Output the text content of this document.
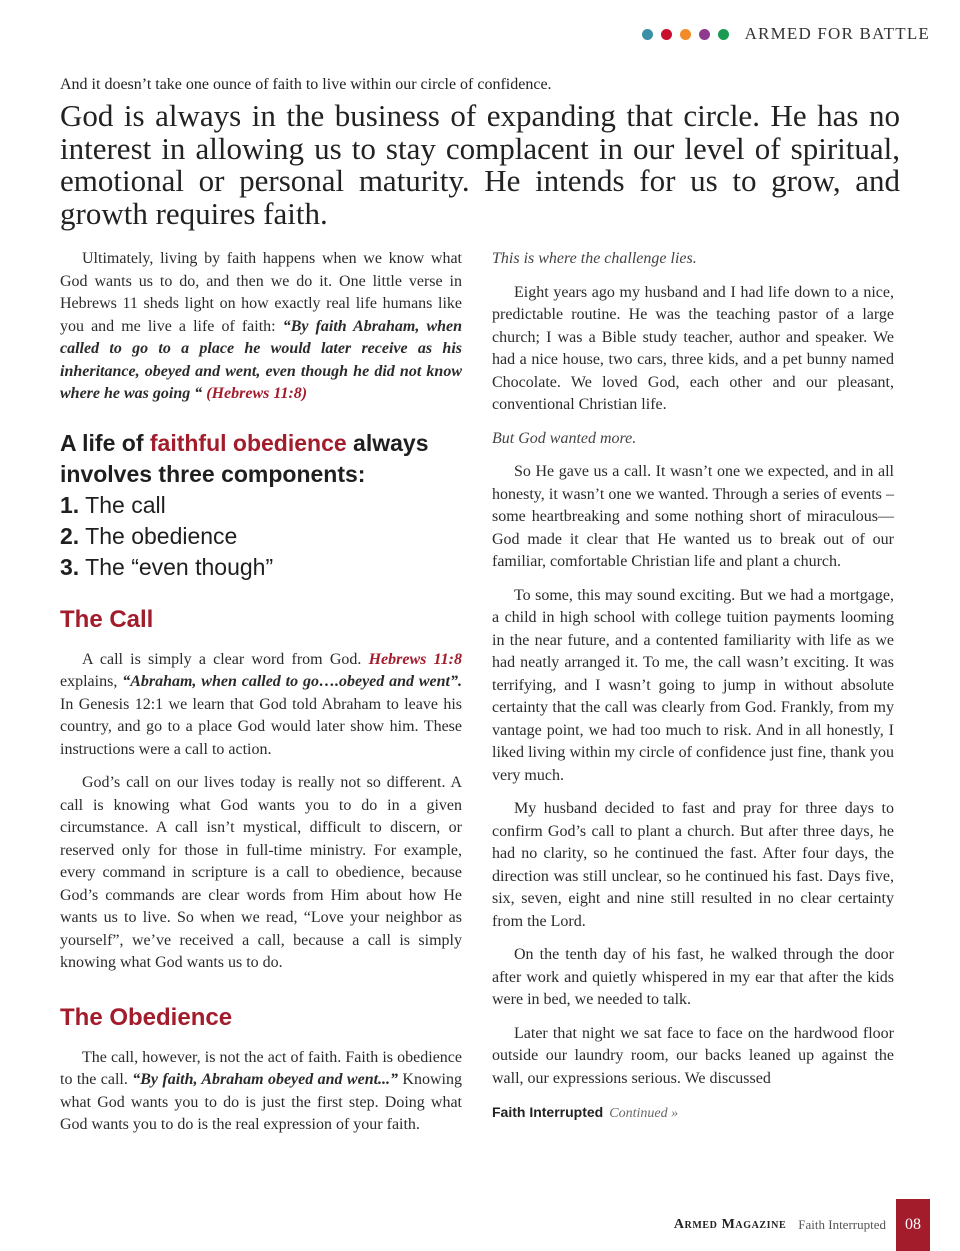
ARMED FOR BATTLE
And it doesn’t take one ounce of faith to live within our circle of confidence.
God is always in the business of expanding that circle. He has no interest in allowing us to stay complacent in our level of spiritual, emotional or personal maturity. He intends for us to grow, and growth requires faith.

Ultimately, living by faith happens when we know what God wants us to do, and then we do it. One little verse in Hebrews 11 sheds light on how exactly real life humans like you and me live a life of faith: “By faith Abraham, when called to go to a place he would later receive as his inheritance, obeyed and went, even though he did not know where he was going “ (Hebrews 11:8)

A life of faithful obedience always involves three components:
1. The call
2. The obedience
3. The “even though”
The Call

A call is simply a clear word from God. Hebrews 11:8 explains, “Abraham, when called to go….obeyed and went”. In Genesis 12:1 we learn that God told Abraham to leave his country, and go to a place God would later show him. These instructions were a call to action.

God’s call on our lives today is really not so different. A call is knowing what God wants you to do in a given circumstance. A call isn’t mystical, difficult to discern, or reserved only for those in full-time ministry. For example, every command in scripture is a call to obedience, because God’s commands are clear words from Him about how He wants us to live. So when we read, “Love your neighbor as yourself”, we’ve received a call, because a call is simply knowing what God wants us to do.

The Obedience

The call, however, is not the act of faith. Faith is obedience to the call. “By faith, Abraham obeyed and went...” Knowing what God wants you to do is just the first step. Doing what God wants you to do is the real expression of your faith.

This is where the challenge lies.

Eight years ago my husband and I had life down to a nice, predictable routine. He was the teaching pastor of a large church; I was a Bible study teacher, author and speaker. We had a nice house, two cars, three kids, and a pet bunny named Chocolate. We loved God, each other and our pleasant, conventional Christian life.

But God wanted more.

So He gave us a call. It wasn’t one we expected, and in all honesty, it wasn’t one we wanted. Through a series of events – some heartbreaking and some nothing short of miraculous—God made it clear that He wanted us to break out of our familiar, comfortable Christian life and plant a church.

To some, this may sound exciting. But we had a mortgage, a child in high school with college tuition payments looming in the near future, and a contented familiarity with life as we had neatly arranged it. To me, the call wasn’t exciting. It was terrifying, and I wasn’t going to jump in without absolute certainty that the call was clearly from God. Frankly, from my vantage point, we had too much to risk. And in all honestly, I liked living within my circle of confidence just fine, thank you very much.

My husband decided to fast and pray for three days to confirm God’s call to plant a church. But after three days, he had no clarity, so he continued the fast. After four days, the direction was still unclear, so he continued his fast. Days five, six, seven, eight and nine still resulted in no clear certainty from the Lord.

On the tenth day of his fast, he walked through the door after work and quietly whispered in my ear that after the kids were in bed, we needed to talk.

Later that night we sat face to face on the hardwood floor outside our laundry room, our backs leaned up against the wall, our expressions serious. We discussed

Faith Interrupted Continued »
Armed Magazine Faith Interrupted	08
